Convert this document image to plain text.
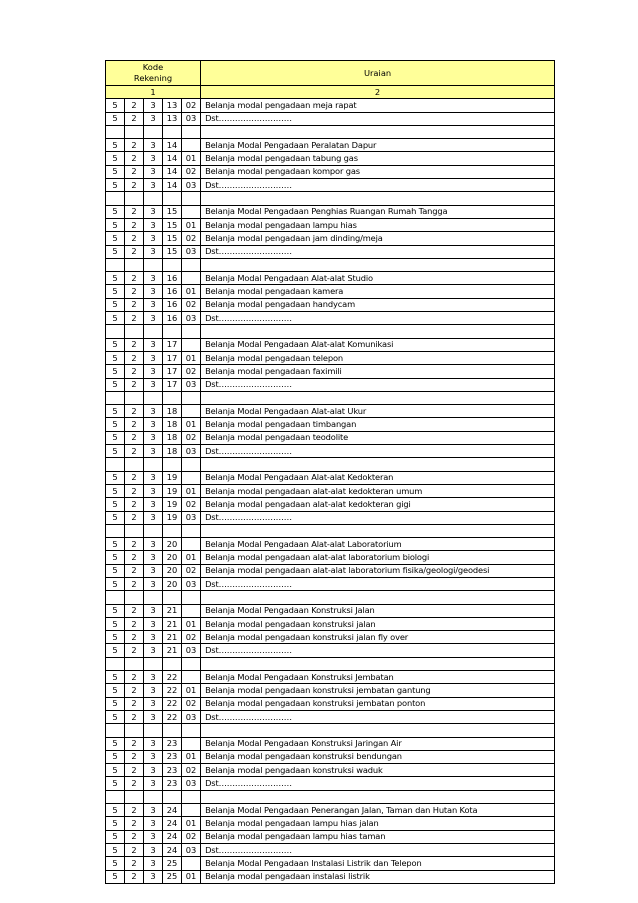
Kode
Rekening					Uraian
1					2
5	2	3	13	02	Belanja modal pengadaan meja rapat
5	2	3	13	03	Dst………………………

5	2	3	14		Belanja Modal Pengadaan Peralatan Dapur
5	2	3	14	01	Belanja modal pengadaan tabung gas
5	2	3	14	02	Belanja modal pengadaan kompor gas
5	2	3	14	03	Dst………………………

5	2	3	15		Belanja Modal Pengadaan Penghias Ruangan Rumah Tangga
5	2	3	15	01	Belanja modal pengadaan lampu hias
5	2	3	15	02	Belanja modal pengadaan jam dinding/meja
5	2	3	15	03	Dst………………………

5	2	3	16		Belanja Modal Pengadaan Alat-alat Studio
5	2	3	16	01	Belanja modal pengadaan kamera
5	2	3	16	02	Belanja modal pengadaan handycam
5	2	3	16	03	Dst………………………

5	2	3	17		Belanja Modal Pengadaan Alat-alat Komunikasi
5	2	3	17	01	Belanja modal pengadaan telepon
5	2	3	17	02	Belanja modal pengadaan faximili
5	2	3	17	03	Dst………………………

5	2	3	18		Belanja Modal Pengadaan Alat-alat Ukur
5	2	3	18	01	Belanja modal pengadaan timbangan
5	2	3	18	02	Belanja modal pengadaan teodolite
5	2	3	18	03	Dst………………………

5	2	3	19		Belanja Modal Pengadaan Alat-alat Kedokteran
5	2	3	19	01	Belanja modal pengadaan alat-alat kedokteran umum
5	2	3	19	02	Belanja modal pengadaan alat-alat kedokteran gigi
5	2	3	19	03	Dst………………………

5	2	3	20		Belanja Modal Pengadaan Alat-alat Laboratorium
5	2	3	20	01	Belanja modal pengadaan alat-alat laboratorium biologi
5	2	3	20	02	Belanja modal pengadaan alat-alat laboratorium fisika/geologi/geodesi
5	2	3	20	03	Dst………………………

5	2	3	21		Belanja Modal Pengadaan Konstruksi Jalan
5	2	3	21	01	Belanja modal pengadaan konstruksi jalan
5	2	3	21	02	Belanja modal pengadaan konstruksi jalan fly over
5	2	3	21	03	Dst………………………

5	2	3	22		Belanja Modal Pengadaan Konstruksi Jembatan
5	2	3	22	01	Belanja modal pengadaan konstruksi jembatan gantung
5	2	3	22	02	Belanja modal pengadaan konstruksi jembatan ponton
5	2	3	22	03	Dst………………………

5	2	3	23		Belanja Modal Pengadaan Konstruksi Jaringan Air
5	2	3	23	01	Belanja modal pengadaan konstruksi bendungan
5	2	3	23	02	Belanja modal pengadaan konstruksi waduk
5	2	3	23	03	Dst………………………

5	2	3	24		Belanja Modal Pengadaan Penerangan Jalan, Taman dan Hutan Kota
5	2	3	24	01	Belanja modal pengadaan lampu hias jalan
5	2	3	24	02	Belanja modal pengadaan lampu hias taman
5	2	3	24	03	Dst………………………
5	2	3	25		Belanja Modal Pengadaan Instalasi Listrik dan Telepon
5	2	3	25	01	Belanja modal pengadaan instalasi listrik
